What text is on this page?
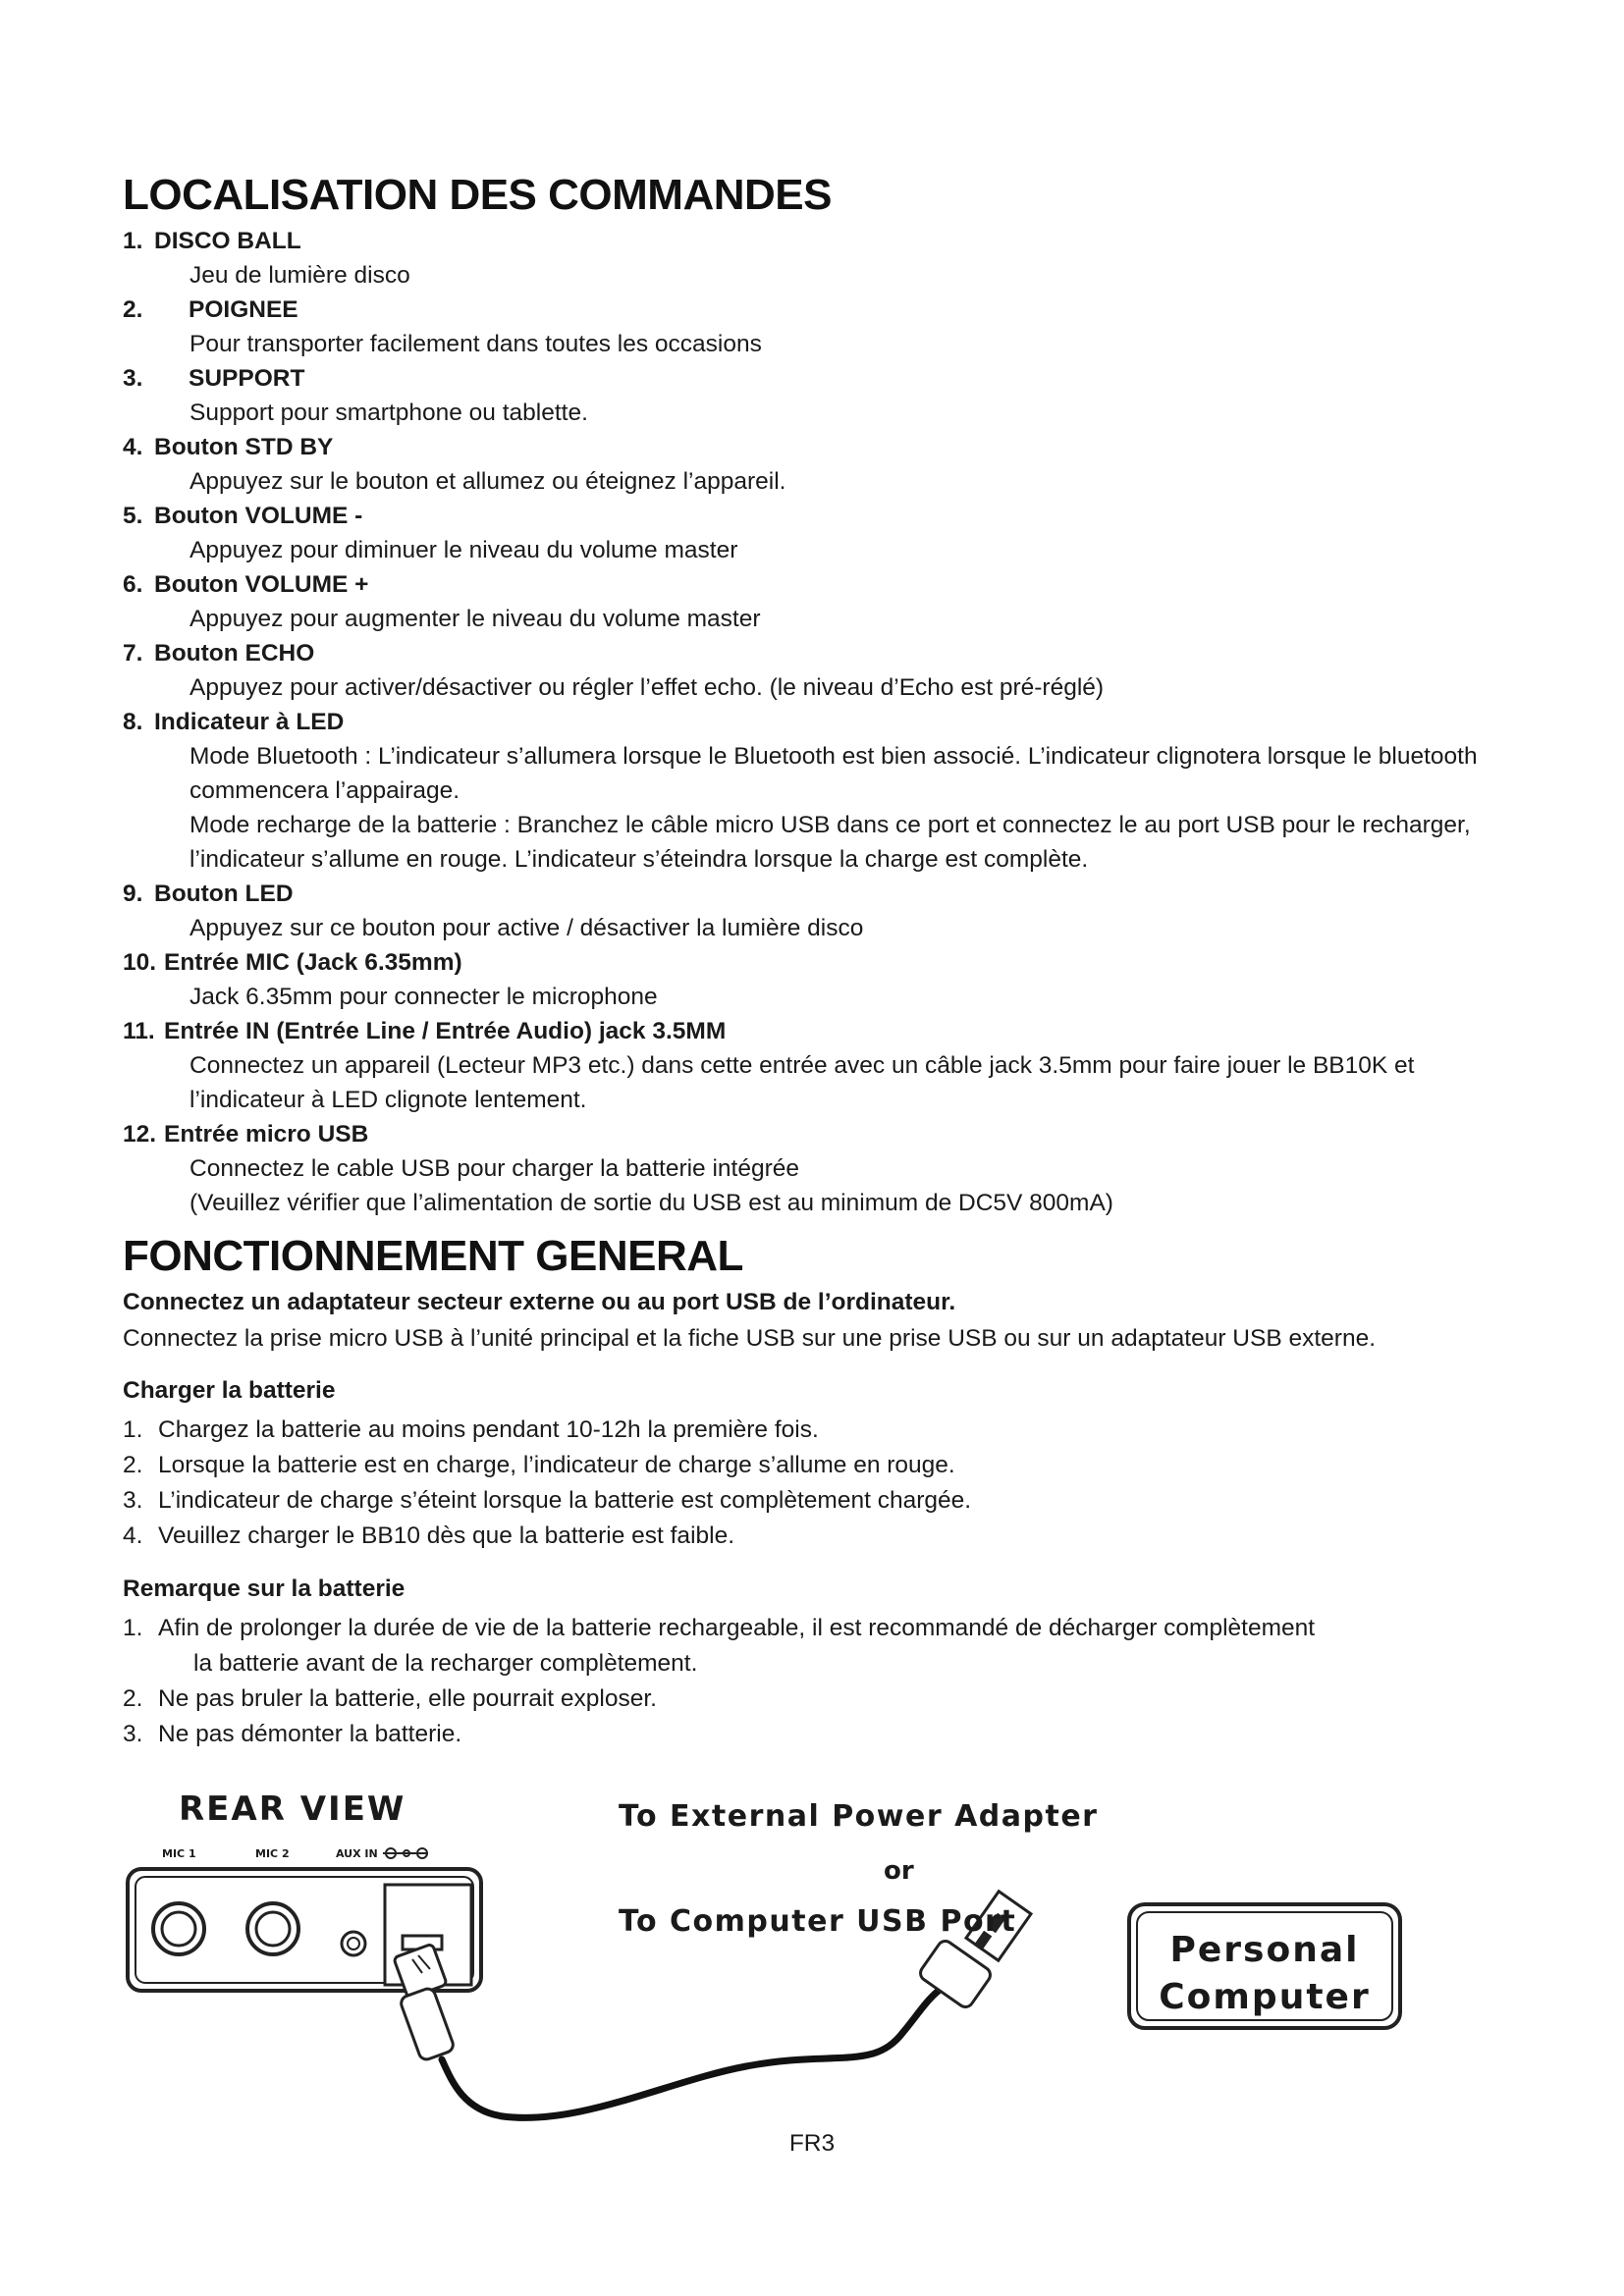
LOCALISATION DES COMMANDES
1. DISCO BALL

Jeu de lumière disco

2.	POIGNEE

Pour transporter facilement dans toutes les occasions

3.	SUPPORT

Support pour smartphone ou tablette.

4. Bouton STD BY

Appuyez sur le bouton et allumez ou éteignez l’appareil.

5. Bouton VOLUME -

Appuyez pour diminuer le niveau du volume master

6. Bouton VOLUME +

Appuyez pour augmenter le niveau du volume master

7. Bouton ECHO

Appuyez pour activer/désactiver ou régler l’effet echo. (le niveau d’Echo est pré-réglé)

8. Indicateur à LED

Mode Bluetooth : L’indicateur s’allumera lorsque le Bluetooth est bien associé. L’indicateur clignotera lorsque le bluetooth commencera l’appairage.

Mode recharge de la batterie : Branchez le câble micro USB dans ce port et connectez le au port USB pour le recharger, l’indicateur s’allume en rouge. L’indicateur s’éteindra lorsque la charge est complète.

9. Bouton LED

Appuyez sur ce bouton pour active / désactiver la lumière disco

10. Entrée MIC (Jack 6.35mm)

Jack 6.35mm pour connecter le microphone

11. Entrée IN (Entrée Line / Entrée Audio) jack 3.5MM

Connectez un appareil (Lecteur MP3 etc.) dans cette entrée avec un câble jack 3.5mm pour faire jouer le BB10K et l’indicateur à LED clignote lentement.

12. Entrée micro USB

Connectez le cable USB pour charger la batterie intégrée

(Veuillez vérifier que l’alimentation de sortie du USB est au minimum de DC5V 800mA)

FONCTIONNEMENT GENERAL

Connectez un adaptateur secteur externe ou au port USB de l’ordinateur.

Connectez la prise micro USB à l’unité principal et la fiche USB sur une prise USB ou sur un adaptateur USB externe.

Charger la batterie

1. Chargez la batterie au moins pendant 10-12h la première fois.
2. Lorsque la batterie est en charge, l’indicateur de charge s’allume en rouge.
3. L’indicateur de charge s’éteint lorsque la batterie est complètement chargée.
4. Veuillez charger le BB10 dès que la batterie est faible.

Remarque sur la batterie

1. Afin de prolonger la durée de vie de la batterie rechargeable, il est recommandé de décharger complètement
la batterie avant de la recharger complètement.
2. Ne pas bruler la batterie, elle pourrait exploser.
3. Ne pas démonter la batterie.
REAR VIEW
MIC 1	MIC 2	AUX IN
To External Power Adapter
or
To Computer USB Port
Personal
Computer
FR3
